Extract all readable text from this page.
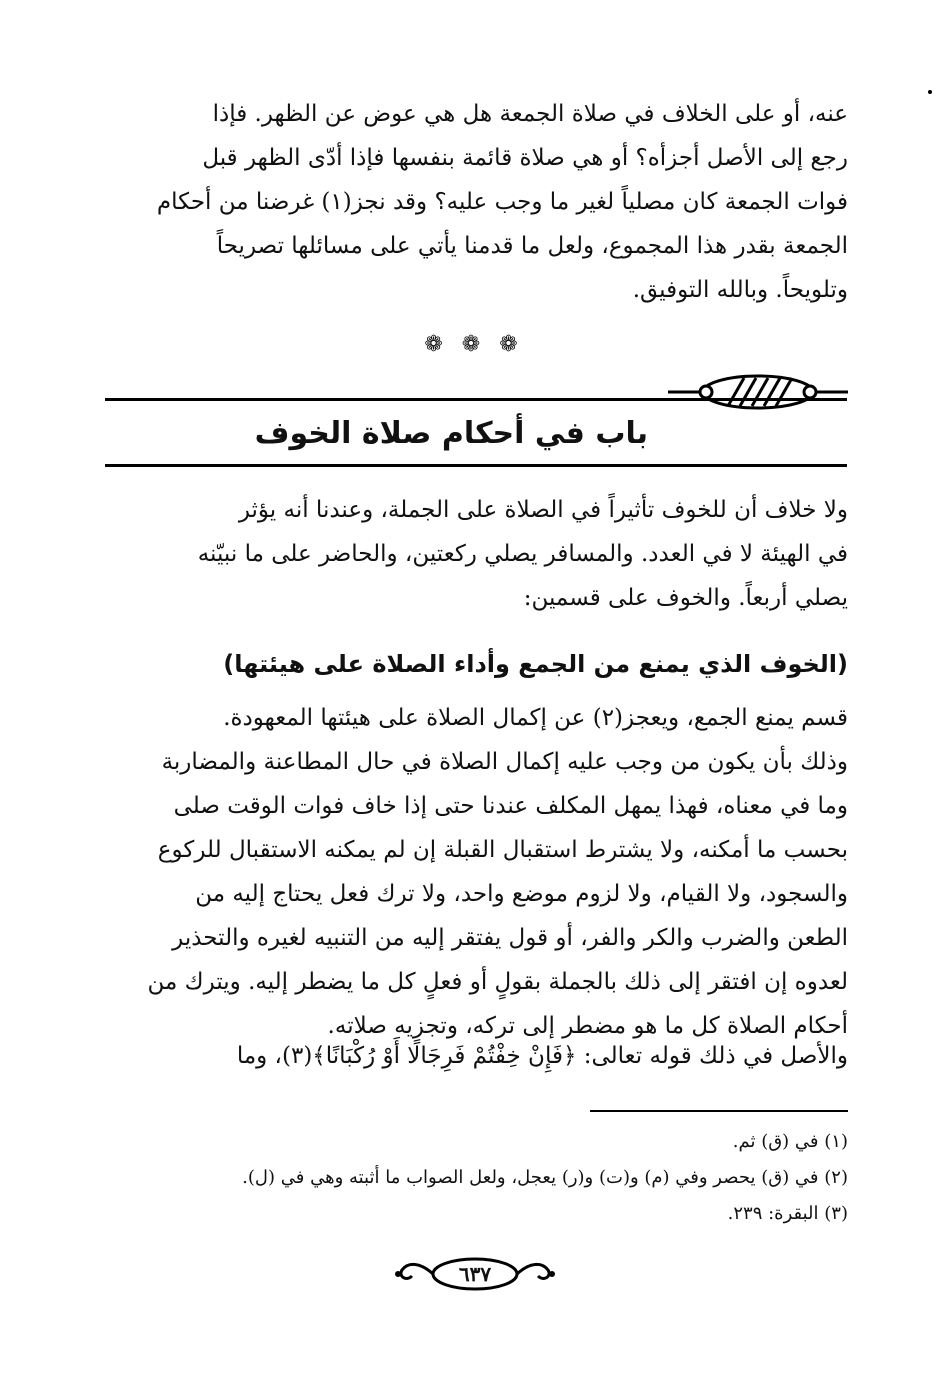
عنه، أو على الخلاف في صلاة الجمعة هل هي عوض عن الظهر. فإذا
رجع إلى الأصل أجزأه؟ أو هي صلاة قائمة بنفسها فإذا أدّى الظهر قبل
فوات الجمعة كان مصلياً لغير ما وجب عليه؟ وقد نجز(١) غرضنا من أحكام
الجمعة بقدر هذا المجموع، ولعل ما قدمنا يأتي على مسائلها تصريحاً
وتلويحاً. وبالله التوفيق.
❁ ❁ ❁
باب في أحكام صلاة الخوف
ولا خلاف أن للخوف تأثيراً في الصلاة على الجملة، وعندنا أنه يؤثر
في الهيئة لا في العدد. والمسافر يصلي ركعتين، والحاضر على ما نبيّنه
يصلي أربعاً. والخوف على قسمين:
(الخوف الذي يمنع من الجمع وأداء الصلاة على هيئتها)
قسم يمنع الجمع، ويعجز(٢) عن إكمال الصلاة على هيئتها المعهودة.
وذلك بأن يكون من وجب عليه إكمال الصلاة في حال المطاعنة والمضاربة
وما في معناه، فهذا يمهل المكلف عندنا حتى إذا خاف فوات الوقت صلى
بحسب ما أمكنه، ولا يشترط استقبال القبلة إن لم يمكنه الاستقبال للركوع
والسجود، ولا القيام، ولا لزوم موضع واحد، ولا ترك فعل يحتاج إليه من
الطعن والضرب والكر والفر، أو قول يفتقر إليه من التنبيه لغيره والتحذير
لعدوه إن افتقر إلى ذلك بالجملة بقولٍ أو فعلٍ كل ما يضطر إليه. ويترك من
أحكام الصلاة كل ما هو مضطر إلى تركه، وتجزيه صلاته.
والأصل في ذلك قوله تعالى: ﴿فَإِنْ خِفْتُمْ فَرِجَالًا أَوْ رُكْبَانًا﴾(٣)، وما
(١) في (ق) ثم.
(٢) في (ق) يحصر وفي (م) و(ت) و(ر) يعجل، ولعل الصواب ما أثبته وهي في (ل).
(٣) البقرة: ٢٣٩.
٦٣٧
